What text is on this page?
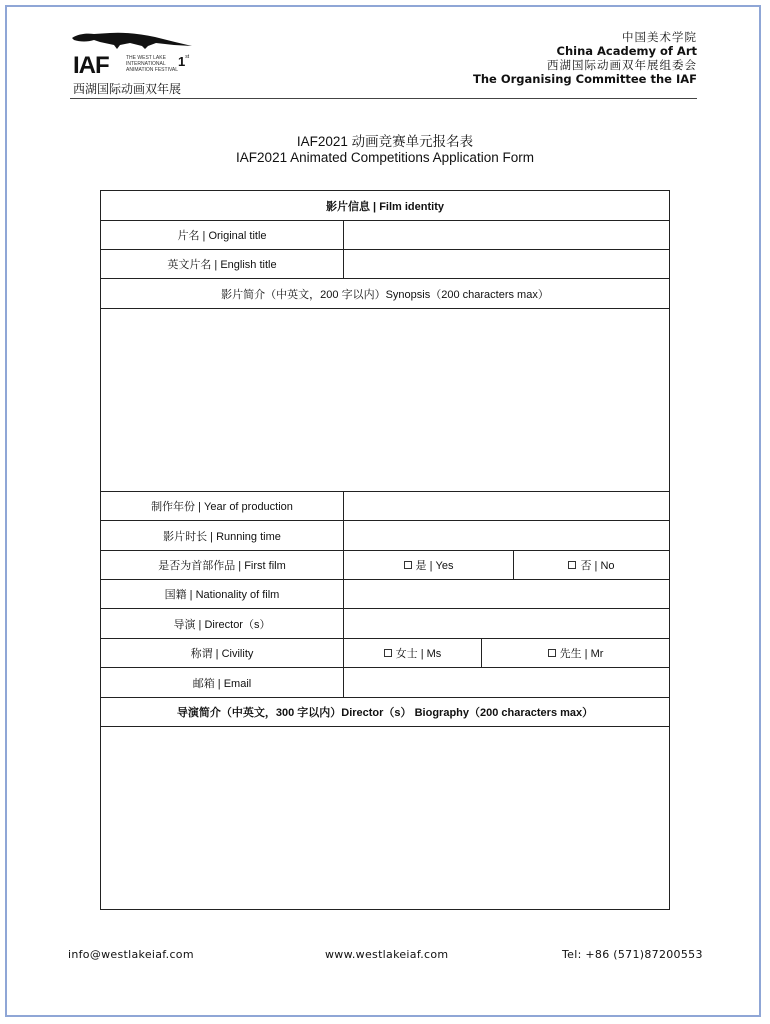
IAF	THE WEST LAKE
INTERNATIONAL
ANIMATION FESTIVAL
1st
西湖国际动画双年展
中国美术学院
China Academy of Art
西湖国际动画双年展组委会
The Organising Committee the IAF
IAF2021 动画竞赛单元报名表
IAF2021 Animated Competitions Application Form
影片信息 | Film identity
片名 | Original title
英文片名 | English title
影片简介（中英文，200 字以内）Synopsis（200 characters max）
制作年份 | Year of production
影片时长 | Running time
是否为首部作品 | First film	是 | Yes	否 | No
国籍 | Nationality of film
导演 | Director（s）
称谓 | Civility	女士 | Ms	先生 | Mr
邮箱 | Email
导演简介（中英文，300 字以内）Director（s） Biography（200 characters max）
info@westlakeiaf.com	www.westlakeiaf.com	Tel: +86 (571)87200553
